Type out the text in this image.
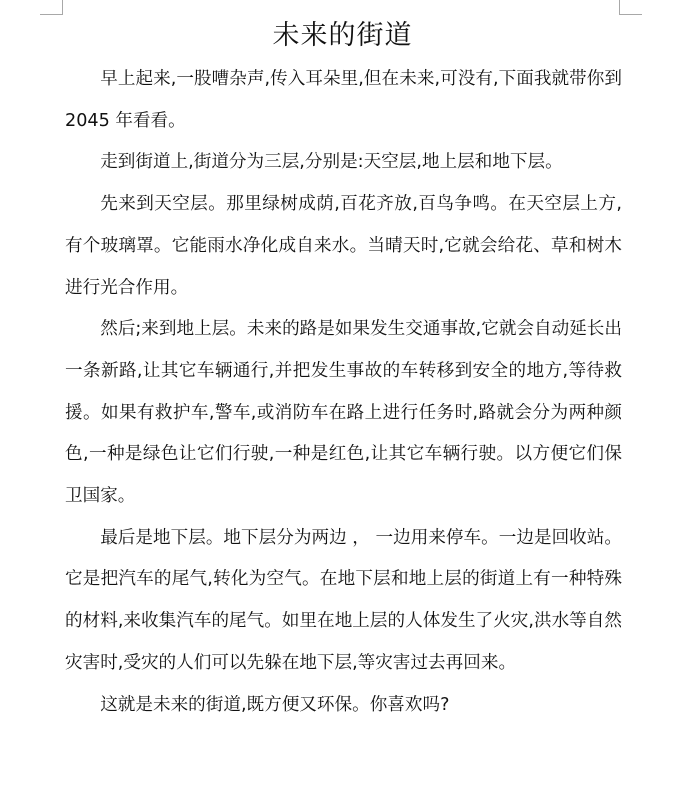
未来的街道

早上起来,一股嘈杂声,传入耳朵里,但在未来,可没有,下面我就带你到 2045 年看看。

走到街道上,街道分为三层,分别是:天空层,地上层和地下层。

先来到天空层。那里绿树成荫,百花齐放,百鸟争鸣。在天空层上方,有个玻璃罩。它能雨水净化成自来水。当晴天时,它就会给花、草和树木进行光合作用。

然后;来到地上层。未来的路是如果发生交通事故,它就会自动延长出一条新路,让其它车辆通行,并把发生事故的车转移到安全的地方,等待救援。如果有救护车,警车,或消防车在路上进行任务时,路就会分为两种颜色,一种是绿色让它们行驶,一种是红色,让其它车辆行驶。以方便它们保卫国家。

最后是地下层。地下层分为两边 ， 一边用来停车。一边是回收站。它是把汽车的尾气,转化为空气。在地下层和地上层的街道上有一种特殊的材料,来收集汽车的尾气。如里在地上层的人体发生了火灾,洪水等自然灾害时,受灾的人们可以先躲在地下层,等灾害过去再回来。

这就是未来的街道,既方便又环保。你喜欢吗?
